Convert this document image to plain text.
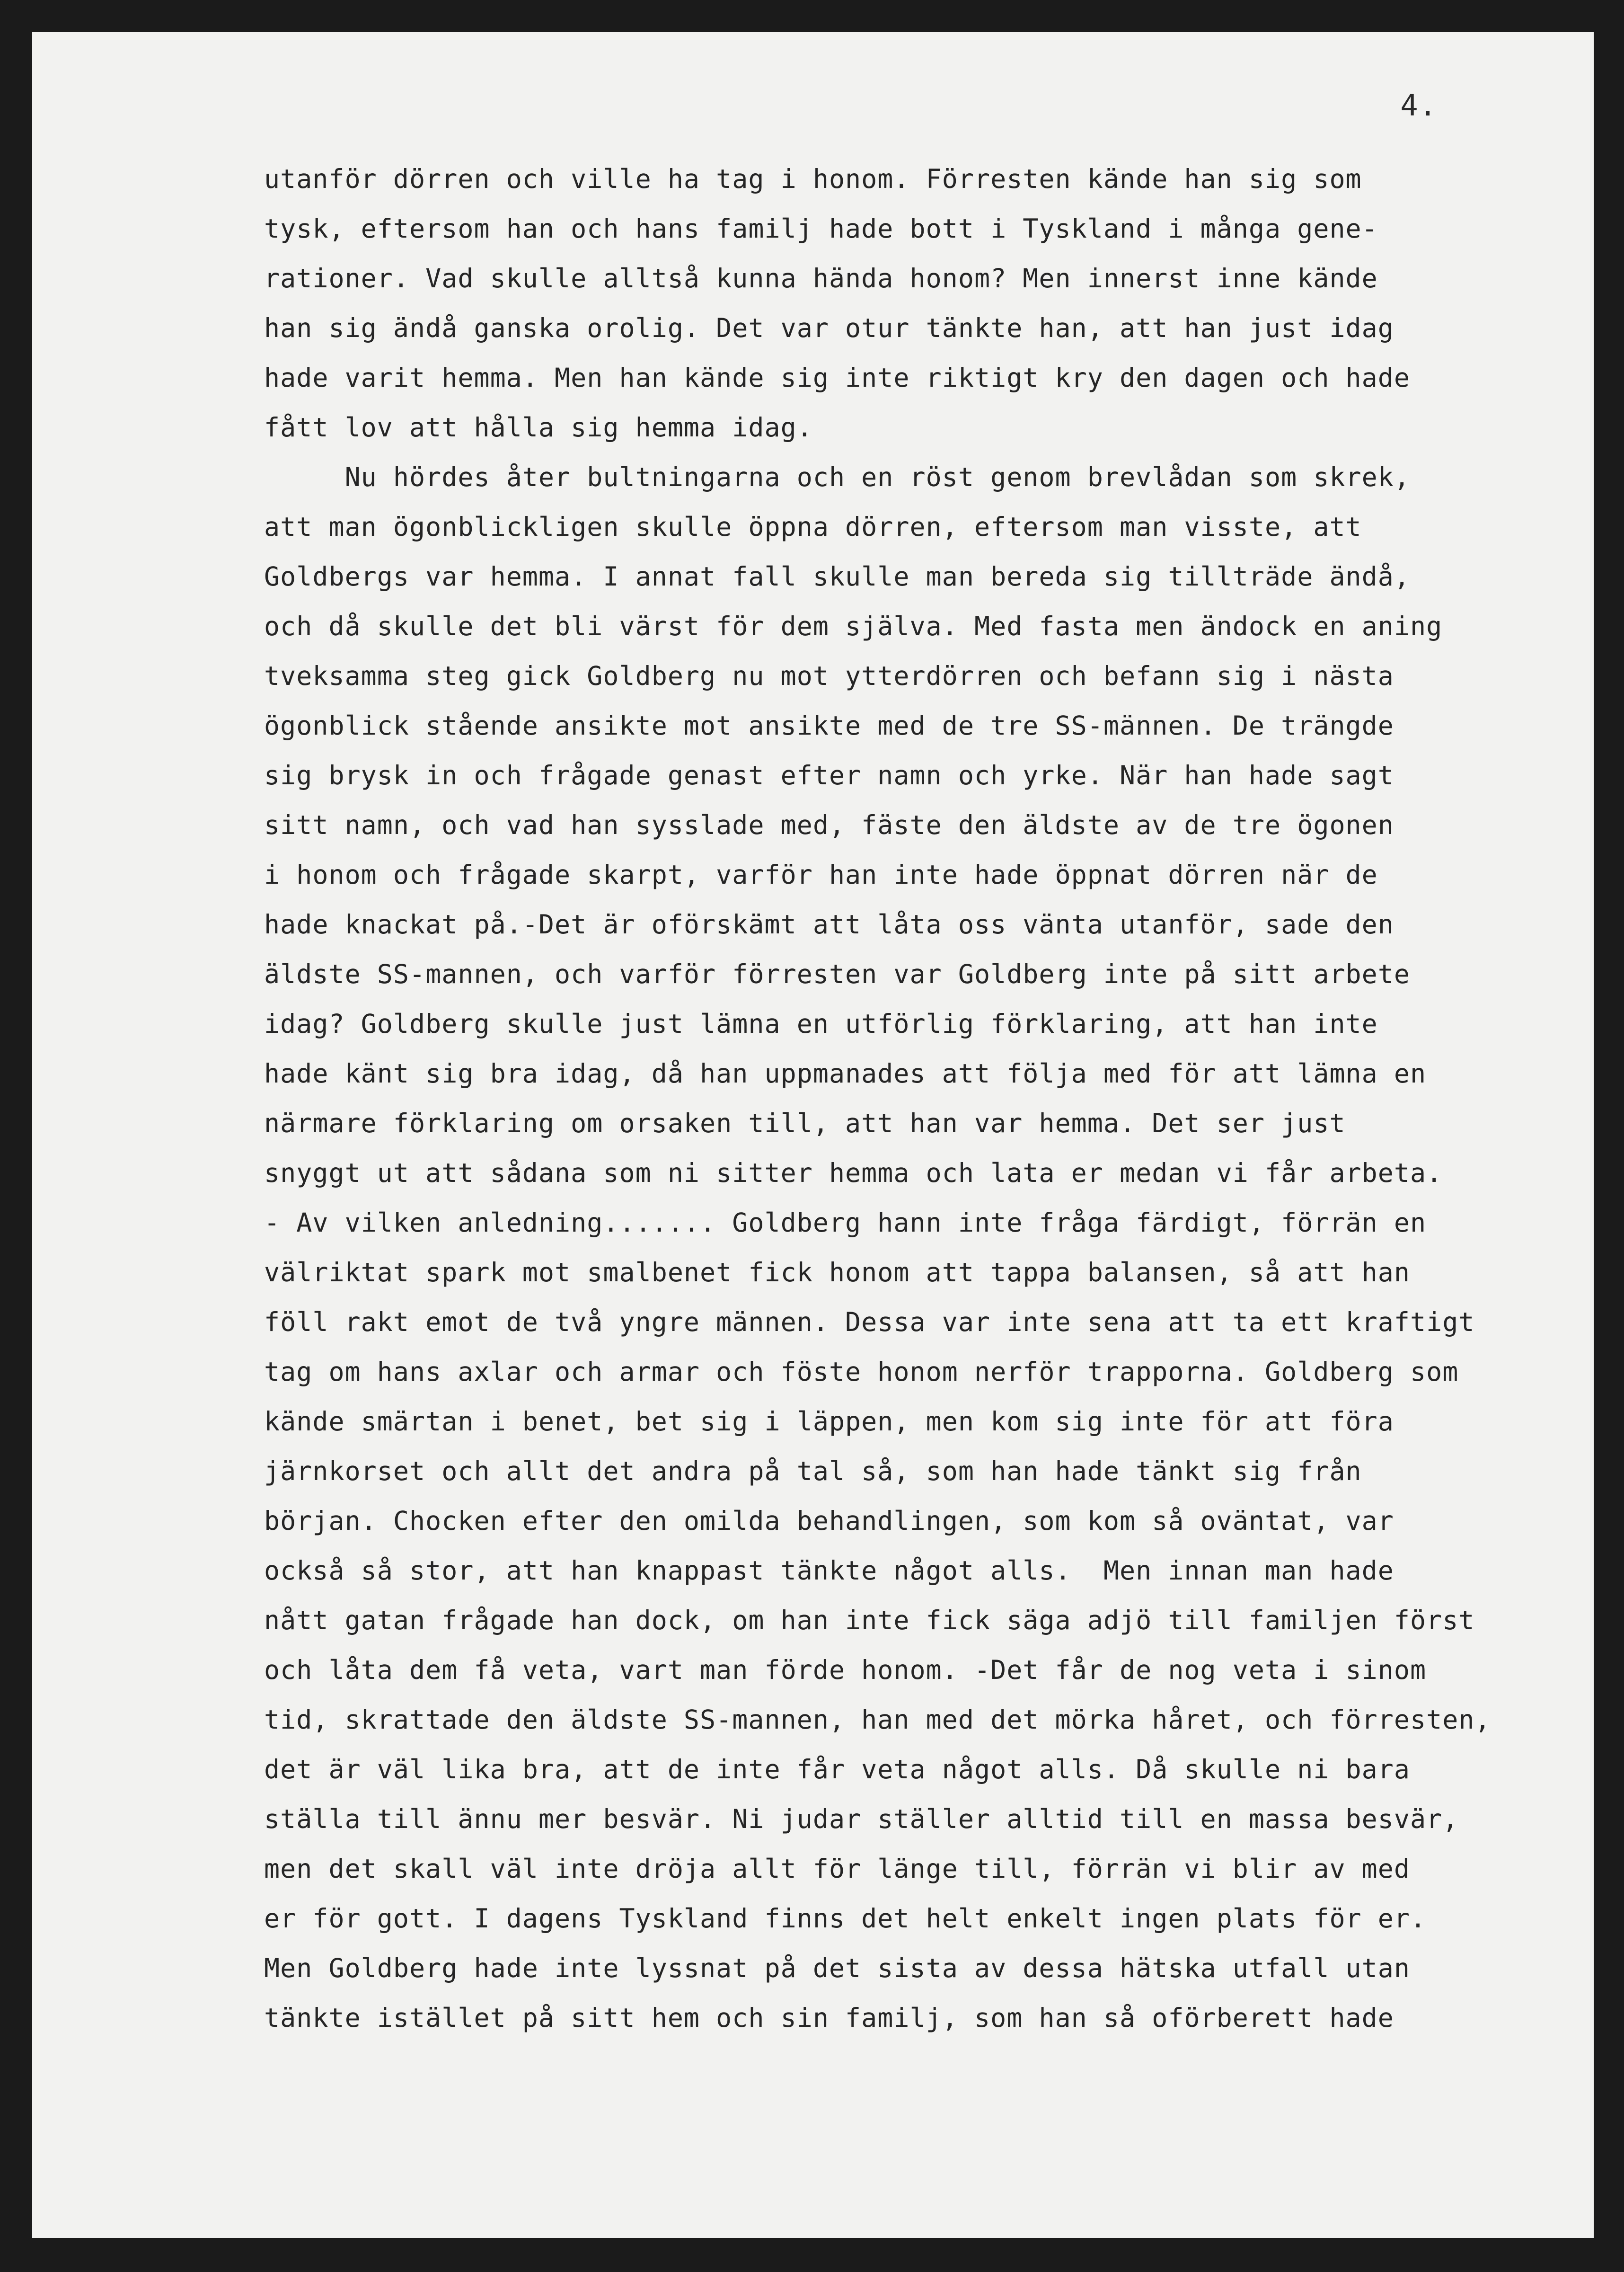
4.
utanför dörren och ville ha tag i honom. Förresten kände han sig som
tysk, eftersom han och hans familj hade bott i Tyskland i många gene-
rationer. Vad skulle alltså kunna hända honom? Men innerst inne kände
han sig ändå ganska orolig. Det var otur tänkte han, att han just idag
hade varit hemma. Men han kände sig inte riktigt kry den dagen och hade
fått lov att hålla sig hemma idag.
Nu hördes åter bultningarna och en röst genom brevlådan som skrek,
att man ögonblickligen skulle öppna dörren, eftersom man visste, att
Goldbergs var hemma. I annat fall skulle man bereda sig tillträde ändå,
och då skulle det bli värst för dem själva. Med fasta men ändock en aning
tveksamma steg gick Goldberg nu mot ytterdörren och befann sig i nästa
ögonblick stående ansikte mot ansikte med de tre SS-männen. De trängde
sig brysk in och frågade genast efter namn och yrke. När han hade sagt
sitt namn, och vad han sysslade med, fäste den äldste av de tre ögonen
i honom och frågade skarpt, varför han inte hade öppnat dörren när de
hade knackat på.-Det är oförskämt att låta oss vänta utanför, sade den
äldste SS-mannen, och varför förresten var Goldberg inte på sitt arbete
idag? Goldberg skulle just lämna en utförlig förklaring, att han inte
hade känt sig bra idag, då han uppmanades att följa med för att lämna en
närmare förklaring om orsaken till, att han var hemma. Det ser just
snyggt ut att sådana som ni sitter hemma och lata er medan vi får arbeta.
- Av vilken anledning....... Goldberg hann inte fråga färdigt, förrän en
välriktat spark mot smalbenet fick honom att tappa balansen, så att han
föll rakt emot de två yngre männen. Dessa var inte sena att ta ett kraftigt
tag om hans axlar och armar och föste honom nerför trapporna. Goldberg som
kände smärtan i benet, bet sig i läppen, men kom sig inte för att föra
järnkorset och allt det andra på tal så, som han hade tänkt sig från
början. Chocken efter den omilda behandlingen, som kom så oväntat, var
också så stor, att han knappast tänkte något alls.  Men innan man hade
nått gatan frågade han dock, om han inte fick säga adjö till familjen först
och låta dem få veta, vart man förde honom. -Det får de nog veta i sinom
tid, skrattade den äldste SS-mannen, han med det mörka håret, och förresten,
det är väl lika bra, att de inte får veta något alls. Då skulle ni bara
ställa till ännu mer besvär. Ni judar ställer alltid till en massa besvär,
men det skall väl inte dröja allt för länge till, förrän vi blir av med
er för gott. I dagens Tyskland finns det helt enkelt ingen plats för er.
Men Goldberg hade inte lyssnat på det sista av dessa hätska utfall utan
tänkte istället på sitt hem och sin familj, som han så oförberett hade
